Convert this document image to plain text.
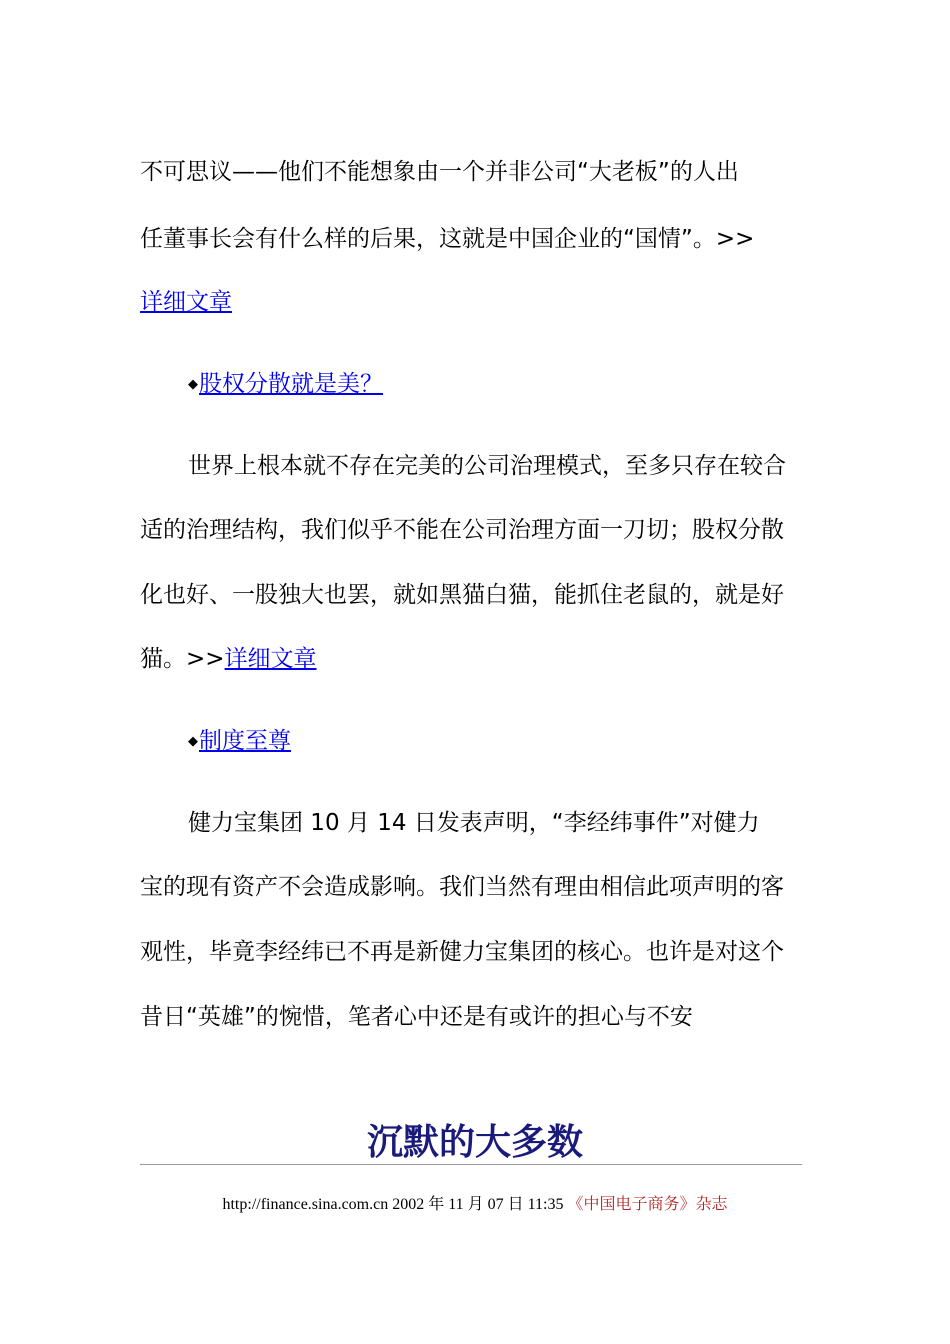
不可思议——他们不能想象由一个并非公司“大老板”的人出
任董事长会有什么样的后果，这就是中国企业的“国情”。>>
详细文章
◆股权分散就是美？
世界上根本就不存在完美的公司治理模式，至多只存在较合
适的治理结构，我们似乎不能在公司治理方面一刀切；股权分散
化也好、一股独大也罢，就如黑猫白猫，能抓住老鼠的，就是好
猫。>>详细文章
◆制度至尊
健力宝集团 10 月 14 日发表声明，“李经纬事件”对健力
宝的现有资产不会造成影响。我们当然有理由相信此项声明的客
观性，毕竟李经纬已不再是新健力宝集团的核心。也许是对这个
昔日“英雄”的惋惜，笔者心中还是有或许的担心与不安
沉默的大多数
http://finance.sina.com.cn 2002 年 11 月 07 日 11:35 《中国电子商务》杂志
